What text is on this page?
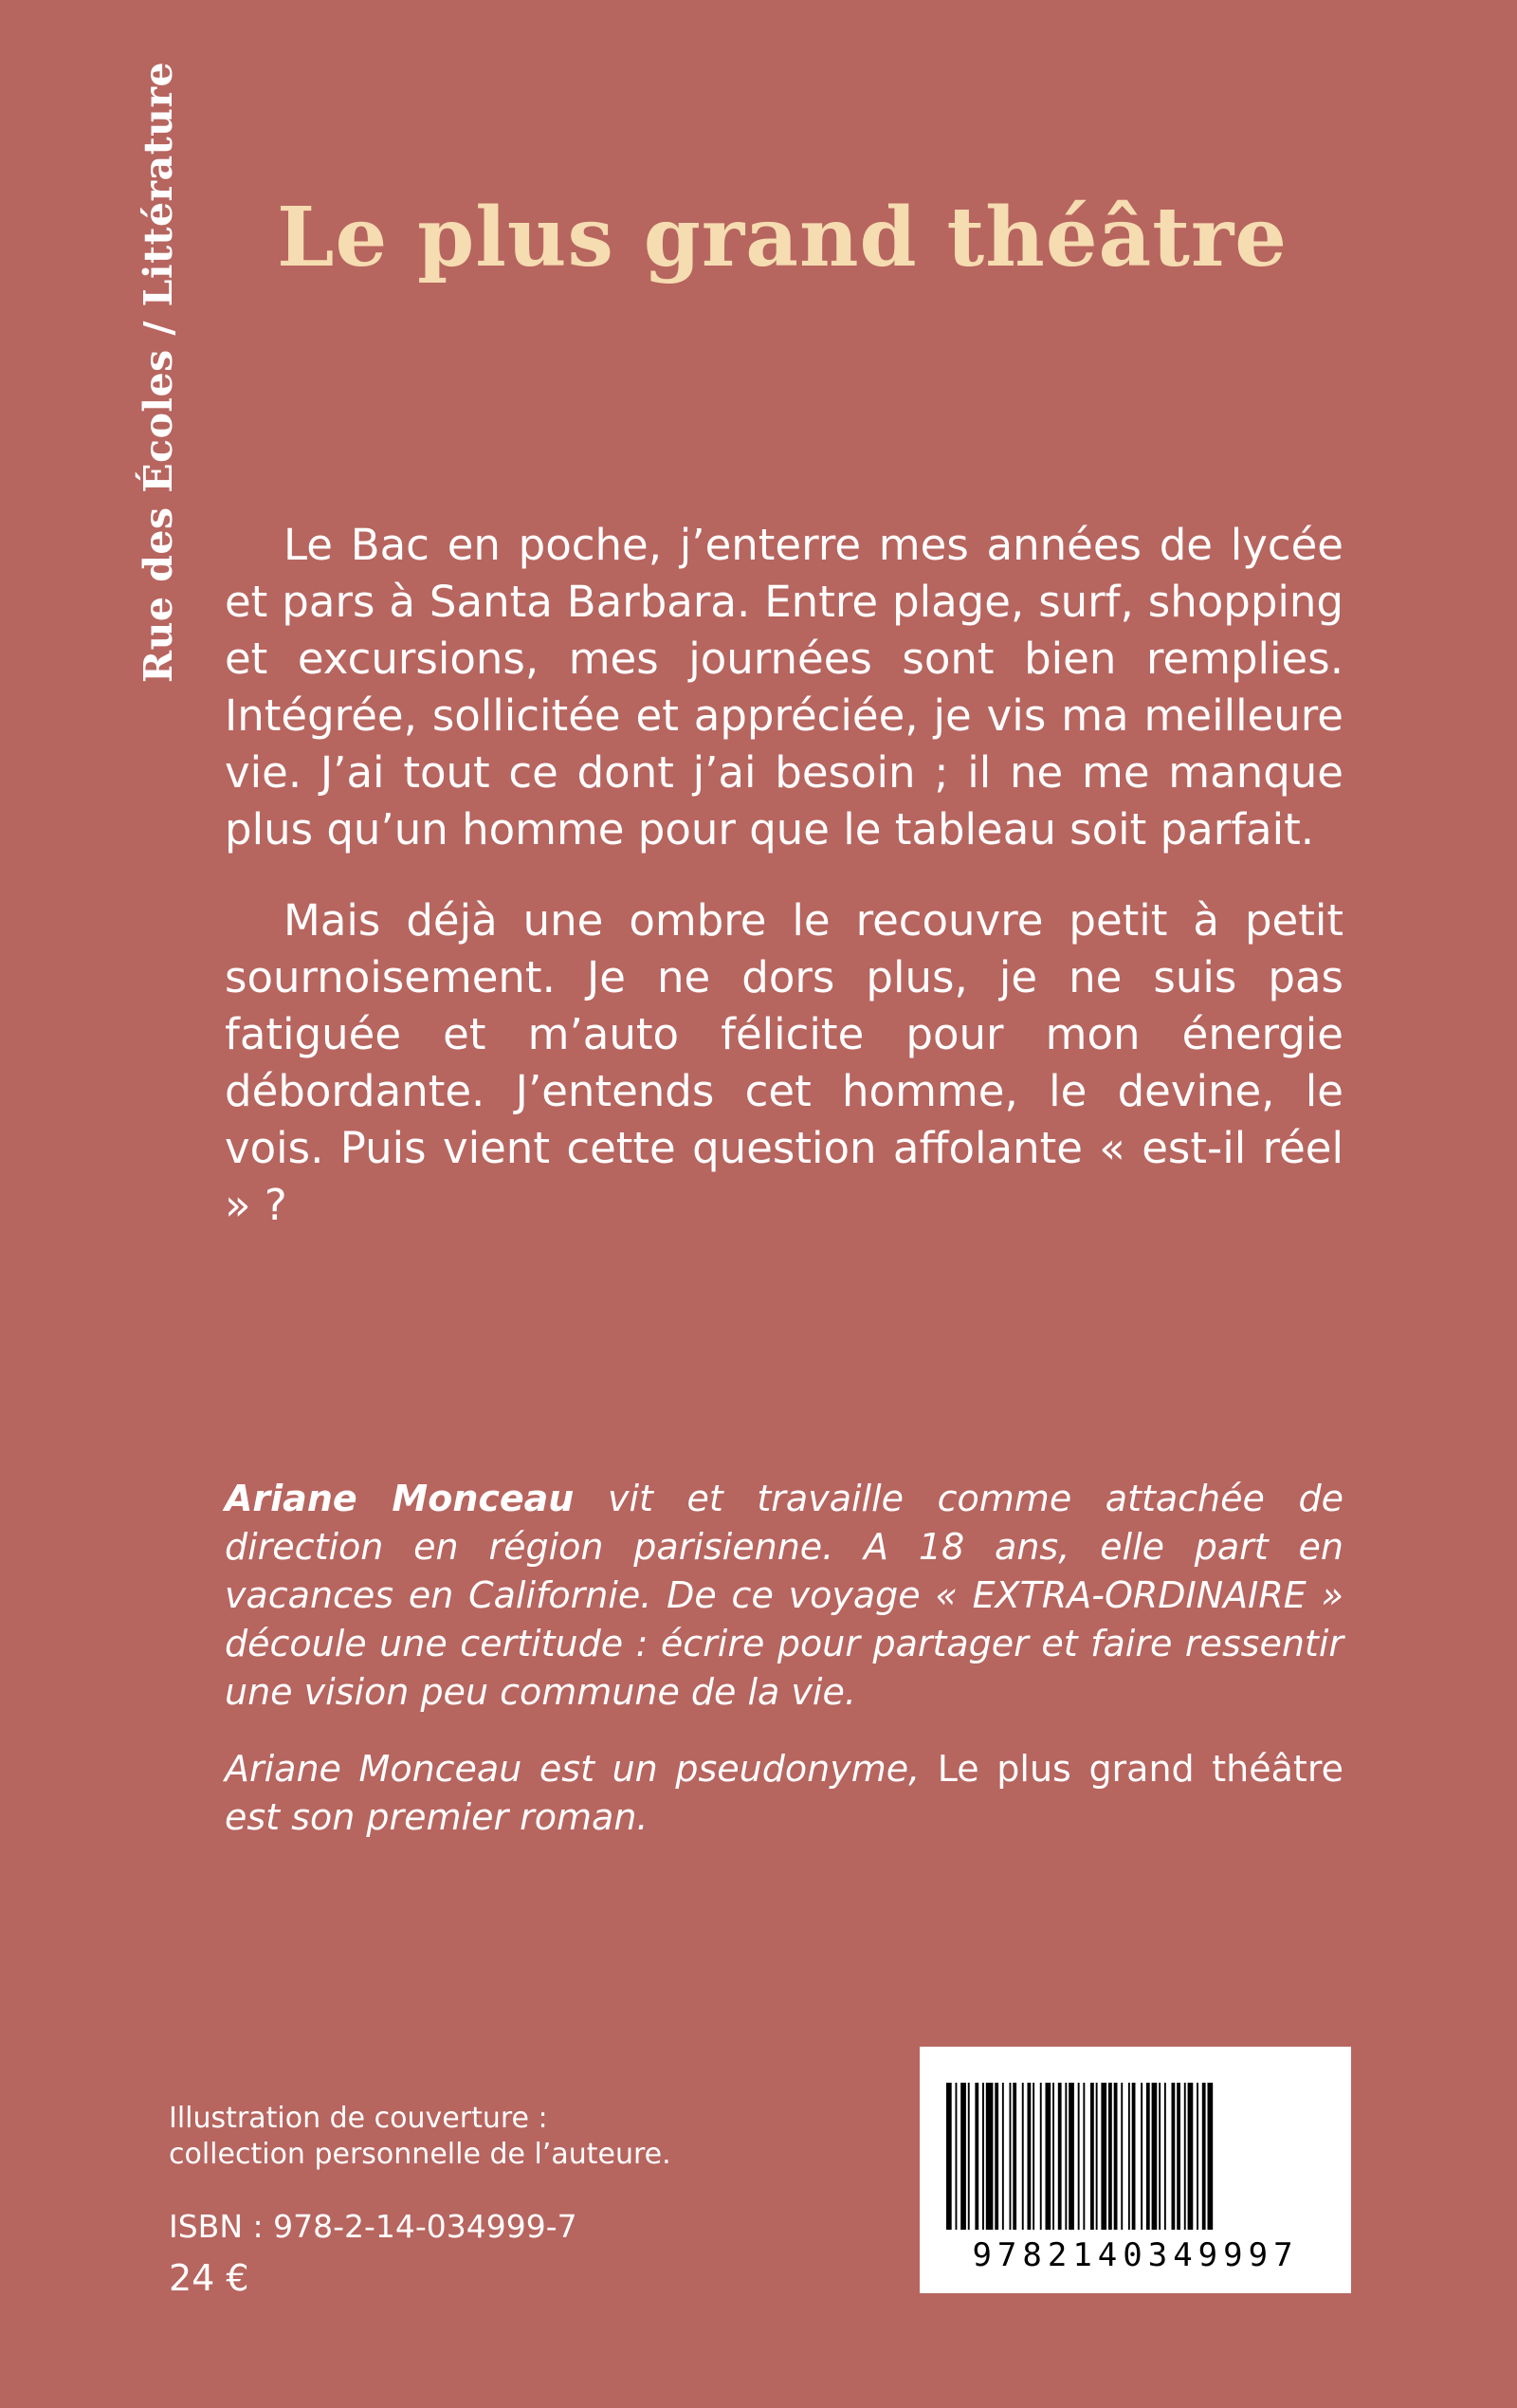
Rue des Écoles / Littérature	Le plus grand théâtre

Le Bac en poche, j’enterre mes années de lycée et pars à Santa Barbara. Entre plage, surf, shopping et excursions, mes journées sont bien remplies. Intégrée, sollicitée et appréciée, je vis ma meilleure vie. J’ai tout ce dont j’ai besoin ; il ne me manque plus qu’un homme pour que le tableau soit parfait.

Mais déjà une ombre le recouvre petit à petit sournoisement. Je ne dors plus, je ne suis pas fatiguée et m’auto félicite pour mon énergie débordante. J’entends cet homme, le devine, le vois. Puis vient cette question affolante « est-il réel » ?

Ariane Monceau vit et travaille comme attachée de direction en région parisienne. A 18 ans, elle part en vacances en Californie. De ce voyage « EXTRA-ORDINAIRE » découle une certitude : écrire pour partager et faire ressentir une vision peu commune de la vie.

Ariane Monceau est un pseudonyme, Le plus grand théâtre est son premier roman.

Illustration de couverture :
collection personnelle de l’auteure.
ISBN : 978-2-14-034999-7
24 €
9782140349997
